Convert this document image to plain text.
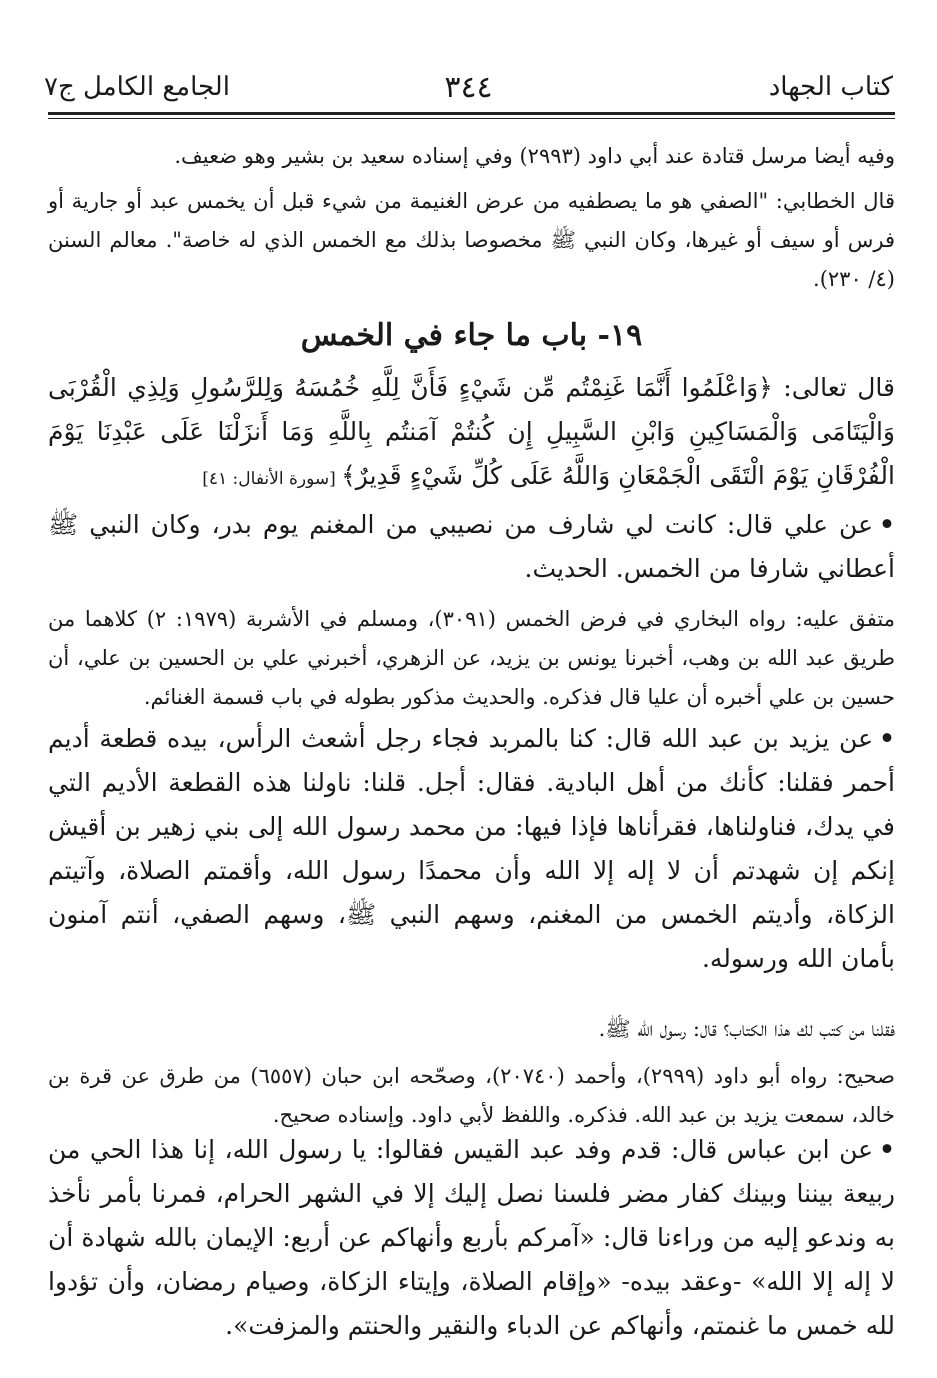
كتاب الجهاد
٣٤٤
الجامع الكامل ج٧
وفيه أيضا مرسل قتادة عند أبي داود (٢٩٩٣) وفي إسناده سعيد بن بشير وهو ضعيف.
قال الخطابي: "الصفي هو ما يصطفيه من عرض الغنيمة من شيء قبل أن يخمس عبد أو جارية أو فرس أو سيف أو غيرها، وكان النبي ﷺ مخصوصا بذلك مع الخمس الذي له خاصة". معالم السنن (٤/ ٢٣٠).
١٩- باب ما جاء في الخمس
قال تعالى: ﴿وَاعْلَمُوا أَنَّمَا غَنِمْتُم مِّن شَيْءٍ فَأَنَّ لِلَّهِ خُمُسَهُ وَلِلرَّسُولِ وَلِذِي الْقُرْبَى وَالْيَتَامَى وَالْمَسَاكِينِ وَابْنِ السَّبِيلِ إِن كُنتُمْ آمَنتُم بِاللَّهِ وَمَا أَنزَلْنَا عَلَى عَبْدِنَا يَوْمَ الْفُرْقَانِ يَوْمَ الْتَقَى الْجَمْعَانِ وَاللَّهُ عَلَى كُلِّ شَيْءٍ قَدِيرٌ﴾ [سورة الأنفال: ٤١]
•عن علي قال: كانت لي شارف من نصيبي من المغنم يوم بدر، وكان النبي ﷺ أعطاني شارفا من الخمس. الحديث.
متفق عليه: رواه البخاري في فرض الخمس (٣٠٩١)، ومسلم في الأشربة (١٩٧٩: ٢) كلاهما من طريق عبد الله بن وهب، أخبرنا يونس بن يزيد، عن الزهري، أخبرني علي بن الحسين بن علي، أن حسين بن علي أخبره أن عليا قال فذكره. والحديث مذكور بطوله في باب قسمة الغنائم.
•عن يزيد بن عبد الله قال: كنا بالمربد فجاء رجل أشعث الرأس، بيده قطعة أديم أحمر فقلنا: كأنك من أهل البادية. فقال: أجل. قلنا: ناولنا هذه القطعة الأديم التي في يدك، فناولناها، فقرأناها فإذا فيها: من محمد رسول الله إلى بني زهير بن أقيش إنكم إن شهدتم أن لا إله إلا الله وأن محمدًا رسول الله، وأقمتم الصلاة، وآتيتم الزكاة، وأديتم الخمس من المغنم، وسهم النبي ﷺ، وسهم الصفي، أنتم آمنون بأمان الله ورسوله.
فقلنا من كتب لك هذا الكتاب؟ قال: رسول الله ﷺ.
صحيح: رواه أبو داود (٢٩٩٩)، وأحمد (٢٠٧٤٠)، وصحّحه ابن حبان (٦٥٥٧) من طرق عن قرة بن خالد، سمعت يزيد بن عبد الله. فذكره. واللفظ لأبي داود. وإسناده صحيح.
•عن ابن عباس قال: قدم وفد عبد القيس فقالوا: يا رسول الله، إنا هذا الحي من ربيعة بيننا وبينك كفار مضر فلسنا نصل إليك إلا في الشهر الحرام، فمرنا بأمر نأخذ به وندعو إليه من وراءنا قال: «آمركم بأربع وأنهاكم عن أربع: الإيمان بالله شهادة أن لا إله إلا الله» -وعقد بيده- «وإقام الصلاة، وإيتاء الزكاة، وصيام رمضان، وأن تؤدوا لله خمس ما غنمتم، وأنهاكم عن الدباء والنقير والحنتم والمزفت».
